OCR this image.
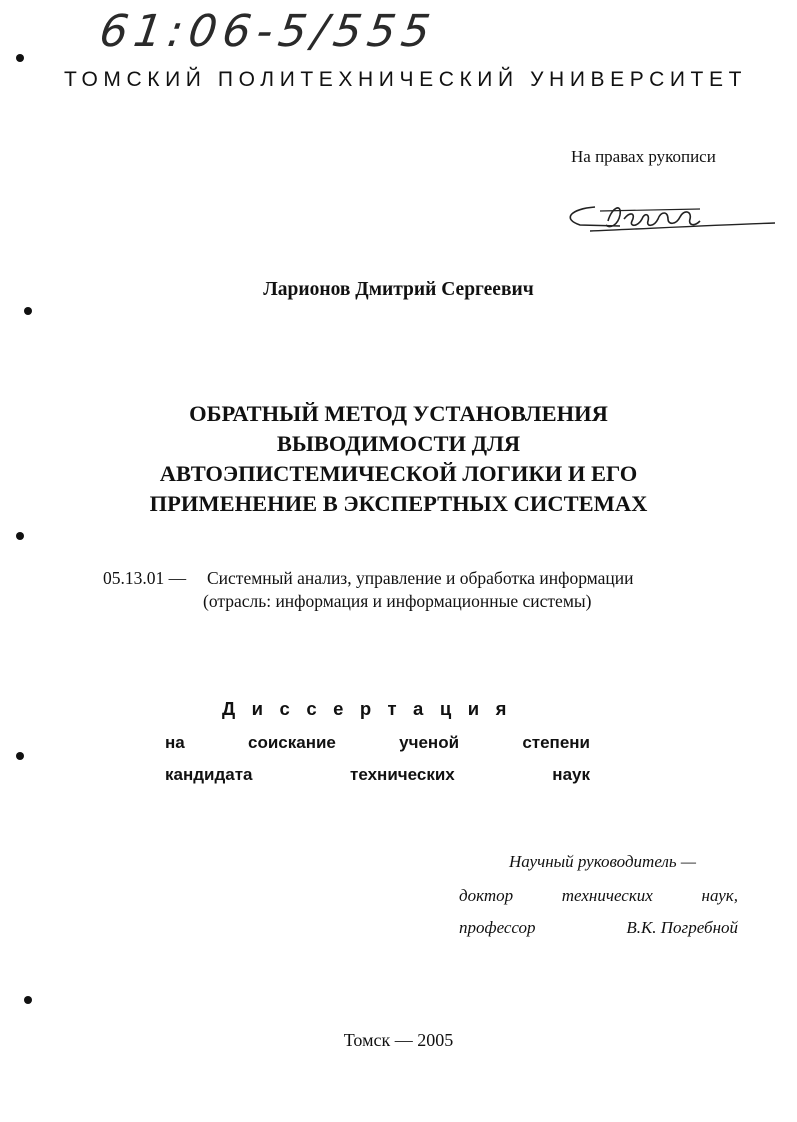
61:06-5/555
ТОМСКИЙ ПОЛИТЕХНИЧЕСКИЙ УНИВЕРСИТЕТ
На правах рукописи
Ларионов Дмитрий Сергеевич
ОБРАТНЫЙ МЕТОД УСТАНОВЛЕНИЯ
ВЫВОДИМОСТИ ДЛЯ
АВТОЭПИСТЕМИЧЕСКОЙ ЛОГИКИ И ЕГО
ПРИМЕНЕНИЕ В ЭКСПЕРТНЫХ СИСТЕМАХ
05.13.01 — Системный анализ, управление и обработка информации
(отрасль: информация и информационные системы)
Диссертация
на	соискание	ученой	степени
кандидата	технических	наук
Научный руководитель —
доктор	технических	наук,
профессор	В.К. Погребной
Томск — 2005
